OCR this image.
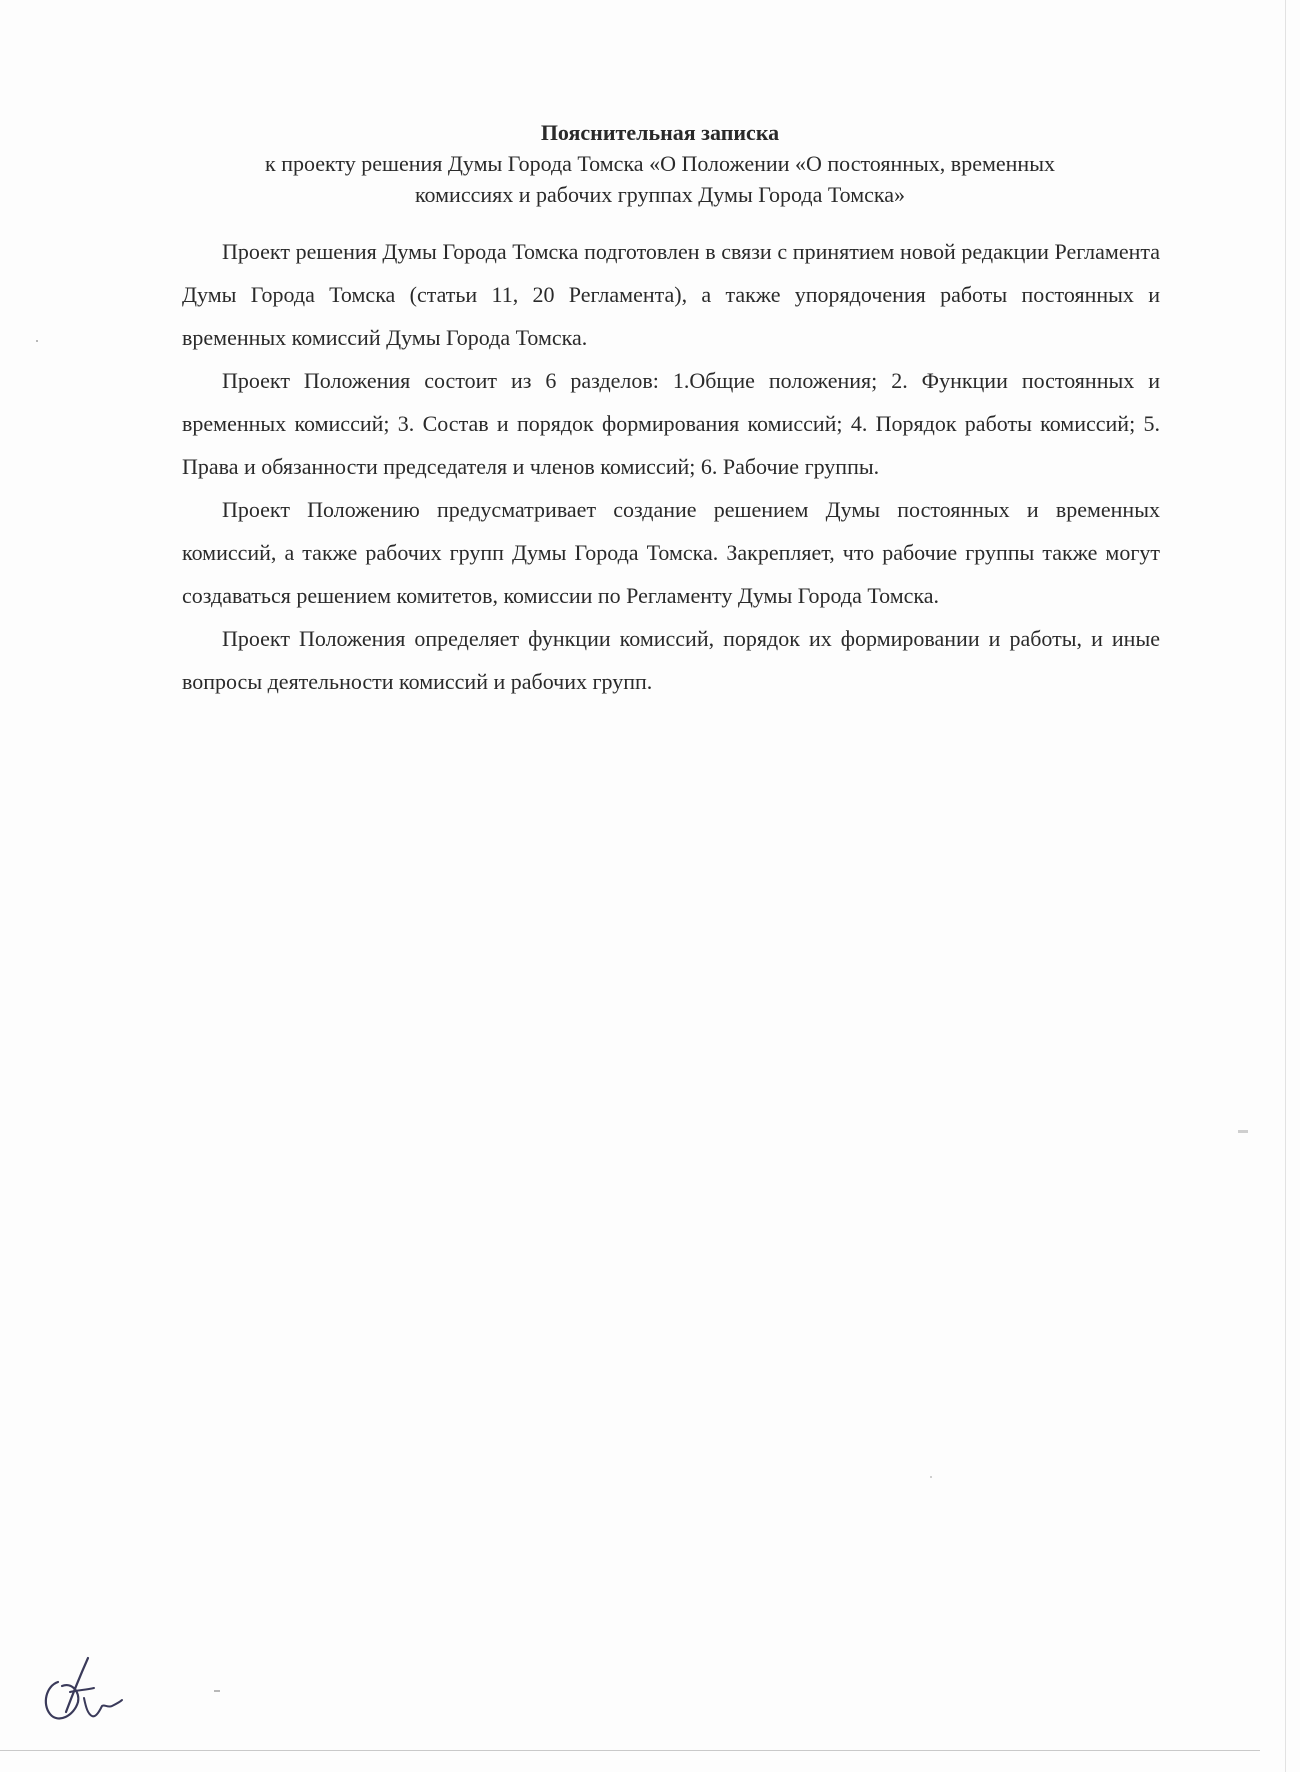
Пояснительная записка

к проекту решения Думы Города Томска «О Положении «О постоянных, временных

комиссиях и рабочих группах Думы Города Томска»

Проект решения Думы Города Томска подготовлен в связи с принятием новой редакции Регламента Думы Города Томска (статьи 11, 20 Регламента), а также упорядочения работы постоянных и временных комиссий Думы Города Томска.

Проект Положения состоит из 6 разделов: 1.Общие положения; 2. Функции постоянных и временных комиссий; 3. Состав и порядок формирования комиссий; 4. Порядок работы комиссий; 5. Права и обязанности председателя и членов комиссий; 6. Рабочие группы.

Проект Положению предусматривает создание решением Думы постоянных и временных комиссий, а также рабочих групп Думы Города Томска. Закрепляет, что рабочие группы также могут создаваться решением комитетов, комиссии по Регламенту Думы Города Томска.

Проект Положения определяет функции комиссий, порядок их формировании и работы, и иные вопросы деятельности комиссий и рабочих групп.
